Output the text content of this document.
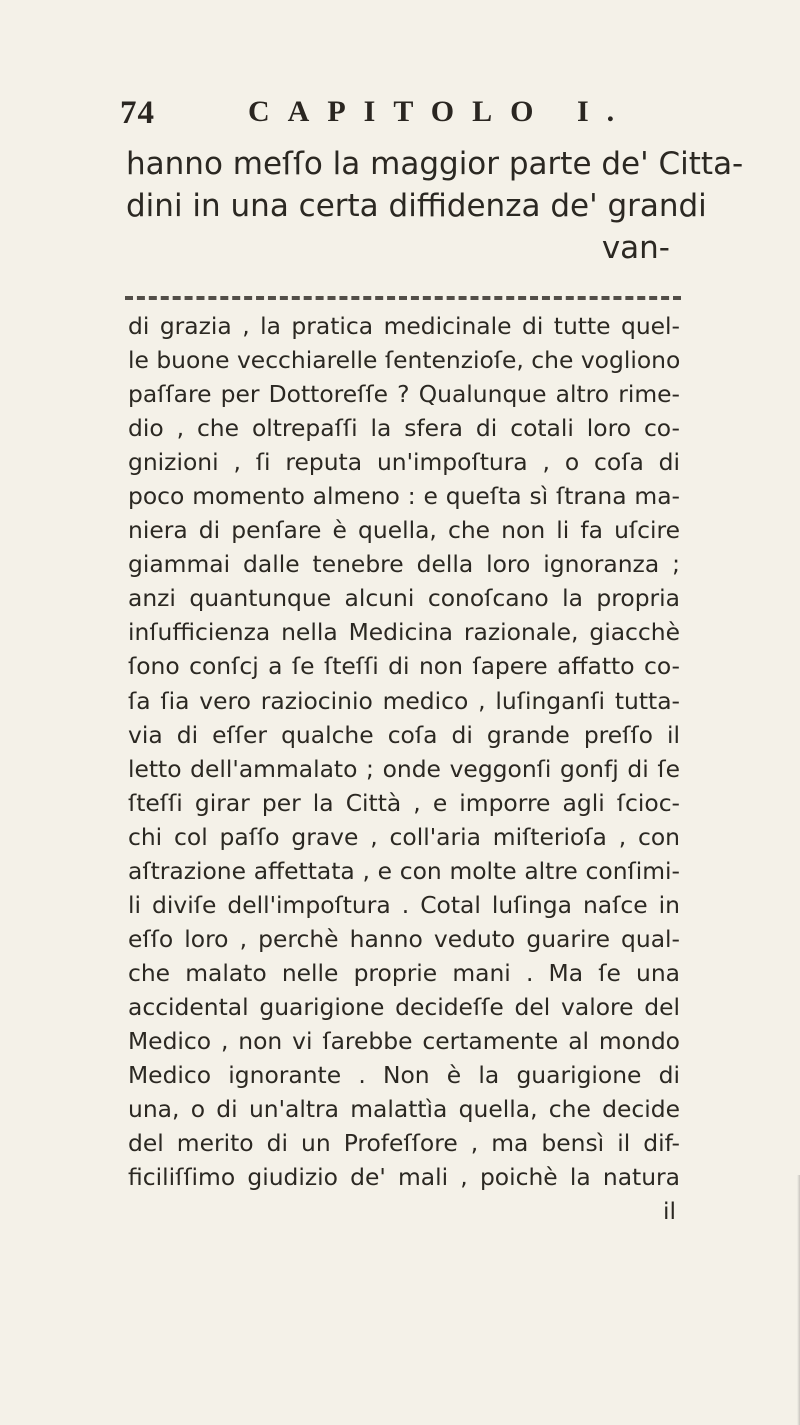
74	CAPITOLO I.
hanno meſſo la maggior parte de' Citta-
dini in una certa diffidenza de' grandi
van-
di grazia , la pratica medicinale di tutte quel-
le buone vecchiarelle ſentenzioſe, che vogliono
paſſare per Dottoreſſe ? Qualunque altro rime-
dio , che oltrepaſſi la sfera di cotali loro co-
gnizioni , ſi reputa un'impoſtura , o coſa di
poco momento almeno : e queſta sì ſtrana ma-
niera di penſare è quella, che non li fa uſcire
giammai dalle tenebre della loro ignoranza ;
anzi quantunque alcuni conoſcano la propria
inſufficienza nella Medicina razionale, giacchè
ſono conſcj a ſe ſteſſi di non ſapere affatto co-
ſa ſia vero raziocinio medico , luſinganſi tutta-
via di eſſer qualche coſa di grande preſſo il
letto dell'ammalato ; onde veggonſi gonfj di ſe
ſteſſi girar per la Città , e imporre agli ſcioc-
chi col paſſo grave , coll'aria miſterioſa , con
aſtrazione affettata , e con molte altre conſimi-
li diviſe dell'impoſtura . Cotal luſinga naſce in
eſſo loro , perchè hanno veduto guarire qual-
che malato nelle proprie mani . Ma ſe una
accidental guarigione decideſſe del valore del
Medico , non vi ſarebbe certamente al mondo
Medico ignorante . Non è la guarigione di
una, o di un'altra malattìa quella, che decide
del merito di un Profeſſore , ma bensì il dif-
ficiliſſimo giudizio de' mali , poichè la natura
il
